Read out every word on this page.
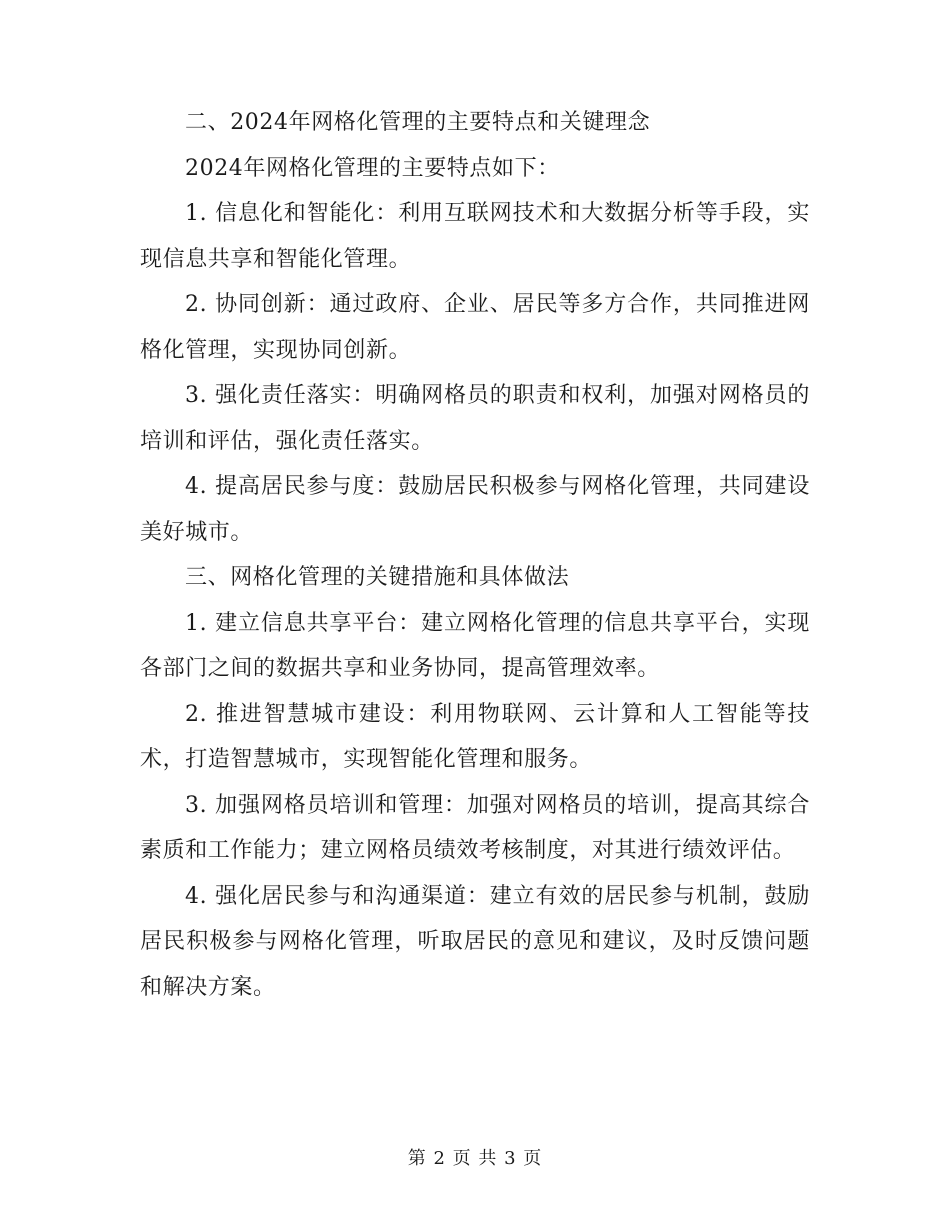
二、2024年网格化管理的主要特点和关键理念

2024年网格化管理的主要特点如下：

1. 信息化和智能化：利用互联网技术和大数据分析等手段，实现信息共享和智能化管理。

2. 协同创新：通过政府、企业、居民等多方合作，共同推进网格化管理，实现协同创新。

3. 强化责任落实：明确网格员的职责和权利，加强对网格员的培训和评估，强化责任落实。

4. 提高居民参与度：鼓励居民积极参与网格化管理，共同建设美好城市。

三、网格化管理的关键措施和具体做法

1. 建立信息共享平台：建立网格化管理的信息共享平台，实现各部门之间的数据共享和业务协同，提高管理效率。

2. 推进智慧城市建设：利用物联网、云计算和人工智能等技术，打造智慧城市，实现智能化管理和服务。

3. 加强网格员培训和管理：加强对网格员的培训，提高其综合素质和工作能力；建立网格员绩效考核制度，对其进行绩效评估。

4. 强化居民参与和沟通渠道：建立有效的居民参与机制，鼓励居民积极参与网格化管理，听取居民的意见和建议，及时反馈问题和解决方案。

第 2 页 共 3 页
